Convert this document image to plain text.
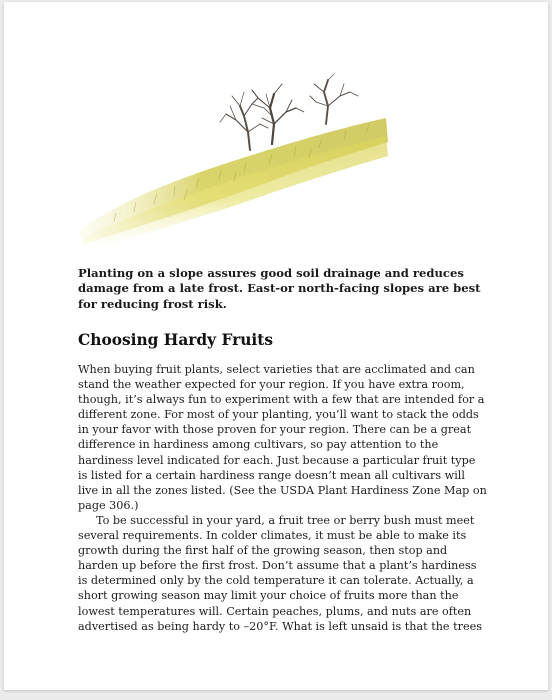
Planting on a slope assures good soil drainage and reduces damage from a late frost. East-or north-facing slopes are best for reducing frost risk.

Choosing Hardy Fruits

When buying fruit plants, select varieties that are acclimated and can stand the weather expected for your region. If you have extra room, though, it’s always fun to experiment with a few that are intended for a different zone. For most of your planting, you’ll want to stack the odds in your favor with those proven for your region. There can be a great difference in hardiness among cultivars, so pay attention to the hardiness level indicated for each. Just because a particular fruit type is listed for a certain hardiness range doesn’t mean all cultivars will live in all the zones listed. (See the USDA Plant Hardiness Zone Map on page 306.)

To be successful in your yard, a fruit tree or berry bush must meet several requirements. In colder climates, it must be able to make its growth during the first half of the growing season, then stop and harden up before the first frost. Don’t assume that a plant’s hardiness is determined only by the cold temperature it can tolerate. Actually, a short growing season may limit your choice of fruits more than the lowest temperatures will. Certain peaches, plums, and nuts are often advertised as being hardy to –20°F. What is left unsaid is that the trees
